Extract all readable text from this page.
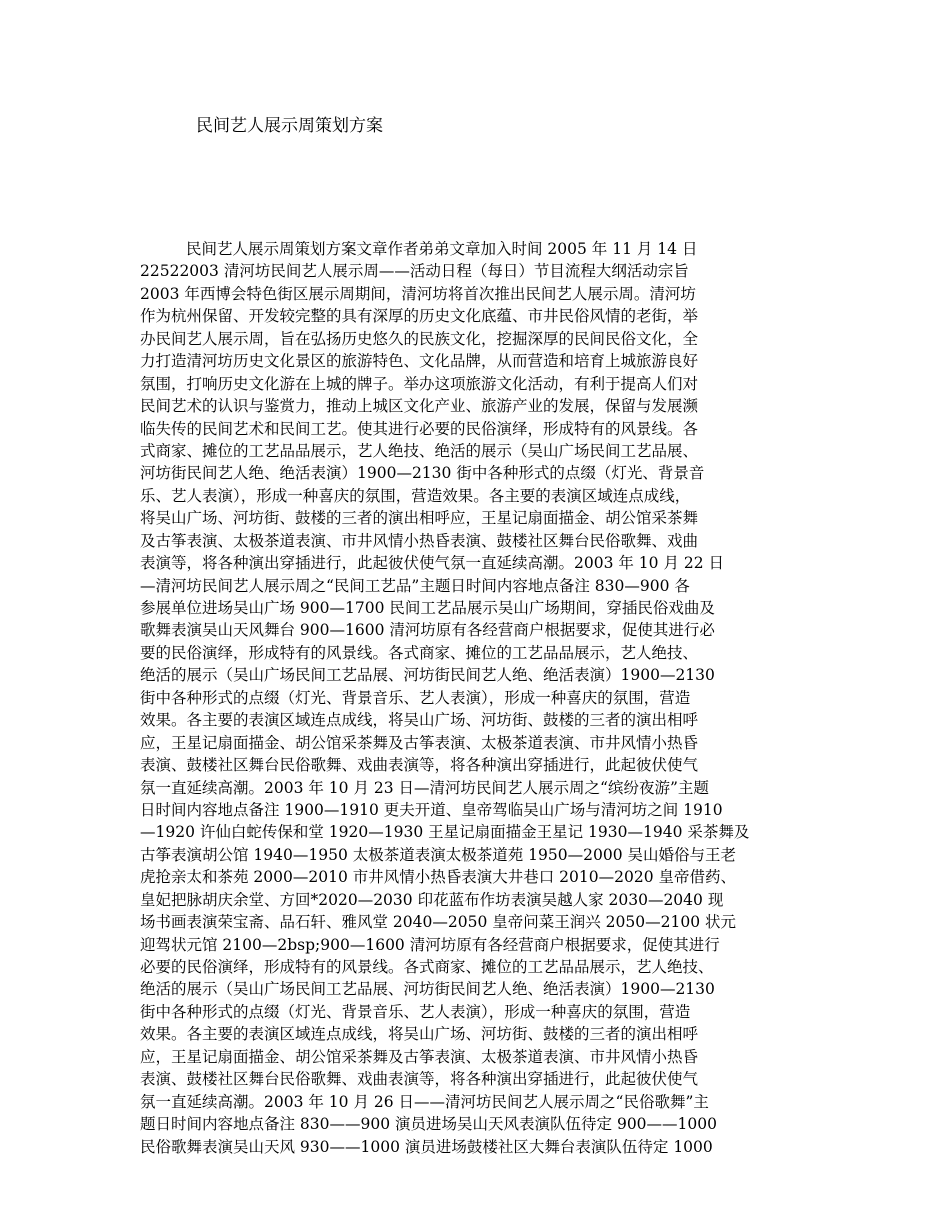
民间艺人展示周策划方案
民间艺人展示周策划方案文章作者弟弟文章加入时间 2005 年 11 月 14 日
22522003 清河坊民间艺人展示周——活动日程（每日）节目流程大纲活动宗旨
2003 年西博会特色街区展示周期间，清河坊将首次推出民间艺人展示周。清河坊
作为杭州保留、开发较完整的具有深厚的历史文化底蕴、市井民俗风情的老街，举
办民间艺人展示周，旨在弘扬历史悠久的民族文化，挖掘深厚的民间民俗文化，全
力打造清河坊历史文化景区的旅游特色、文化品牌，从而营造和培育上城旅游良好
氛围，打响历史文化游在上城的牌子。举办这项旅游文化活动，有利于提高人们对
民间艺术的认识与鉴赏力，推动上城区文化产业、旅游产业的发展，保留与发展濒
临失传的民间艺术和民间工艺。使其进行必要的民俗演绎，形成特有的风景线。各
式商家、摊位的工艺品品展示，艺人绝技、绝活的展示（吴山广场民间工艺品展、
河坊街民间艺人绝、绝活表演）1900—2130 街中各种形式的点缀（灯光、背景音
乐、艺人表演），形成一种喜庆的氛围，营造效果。各主要的表演区域连点成线，
将吴山广场、河坊街、鼓楼的三者的演出相呼应，王星记扇面描金、胡公馆采茶舞
及古筝表演、太极茶道表演、市井风情小热昏表演、鼓楼社区舞台民俗歌舞、戏曲
表演等，将各种演出穿插进行，此起彼伏使气氛一直延续高潮。2003 年 10 月 22 日
—清河坊民间艺人展示周之“民间工艺品”主题日时间内容地点备注 830—900 各
参展单位进场吴山广场 900—1700 民间工艺品展示吴山广场期间，穿插民俗戏曲及
歌舞表演吴山天风舞台 900—1600 清河坊原有各经营商户根据要求，促使其进行必
要的民俗演绎，形成特有的风景线。各式商家、摊位的工艺品品展示，艺人绝技、
绝活的展示（吴山广场民间工艺品展、河坊街民间艺人绝、绝活表演）1900—2130
街中各种形式的点缀（灯光、背景音乐、艺人表演），形成一种喜庆的氛围，营造
效果。各主要的表演区域连点成线，将吴山广场、河坊街、鼓楼的三者的演出相呼
应，王星记扇面描金、胡公馆采茶舞及古筝表演、太极茶道表演、市井风情小热昏
表演、鼓楼社区舞台民俗歌舞、戏曲表演等，将各种演出穿插进行，此起彼伏使气
氛一直延续高潮。2003 年 10 月 23 日—清河坊民间艺人展示周之“缤纷夜游”主题
日时间内容地点备注 1900—1910 更夫开道、皇帝驾临吴山广场与清河坊之间 1910
—1920 许仙白蛇传保和堂 1920—1930 王星记扇面描金王星记 1930—1940 采茶舞及
古筝表演胡公馆 1940—1950 太极茶道表演太极茶道苑 1950—2000 吴山婚俗与王老
虎抢亲太和茶苑 2000—2010 市井风情小热昏表演大井巷口 2010—2020 皇帝借药、
皇妃把脉胡庆余堂、方回*2020—2030 印花蓝布作坊表演吴越人家 2030—2040 现
场书画表演荣宝斋、品石轩、雅风堂 2040—2050 皇帝问菜王润兴 2050—2100 状元
迎驾状元馆 2100—2bsp;900—1600 清河坊原有各经营商户根据要求，促使其进行
必要的民俗演绎，形成特有的风景线。各式商家、摊位的工艺品品展示，艺人绝技、
绝活的展示（吴山广场民间工艺品展、河坊街民间艺人绝、绝活表演）1900—2130
街中各种形式的点缀（灯光、背景音乐、艺人表演），形成一种喜庆的氛围，营造
效果。各主要的表演区域连点成线，将吴山广场、河坊街、鼓楼的三者的演出相呼
应，王星记扇面描金、胡公馆采茶舞及古筝表演、太极茶道表演、市井风情小热昏
表演、鼓楼社区舞台民俗歌舞、戏曲表演等，将各种演出穿插进行，此起彼伏使气
氛一直延续高潮。2003 年 10 月 26 日——清河坊民间艺人展示周之“民俗歌舞”主
题日时间内容地点备注 830——900 演员进场吴山天风表演队伍待定 900——1000
民俗歌舞表演吴山天风 930——1000 演员进场鼓楼社区大舞台表演队伍待定 1000
